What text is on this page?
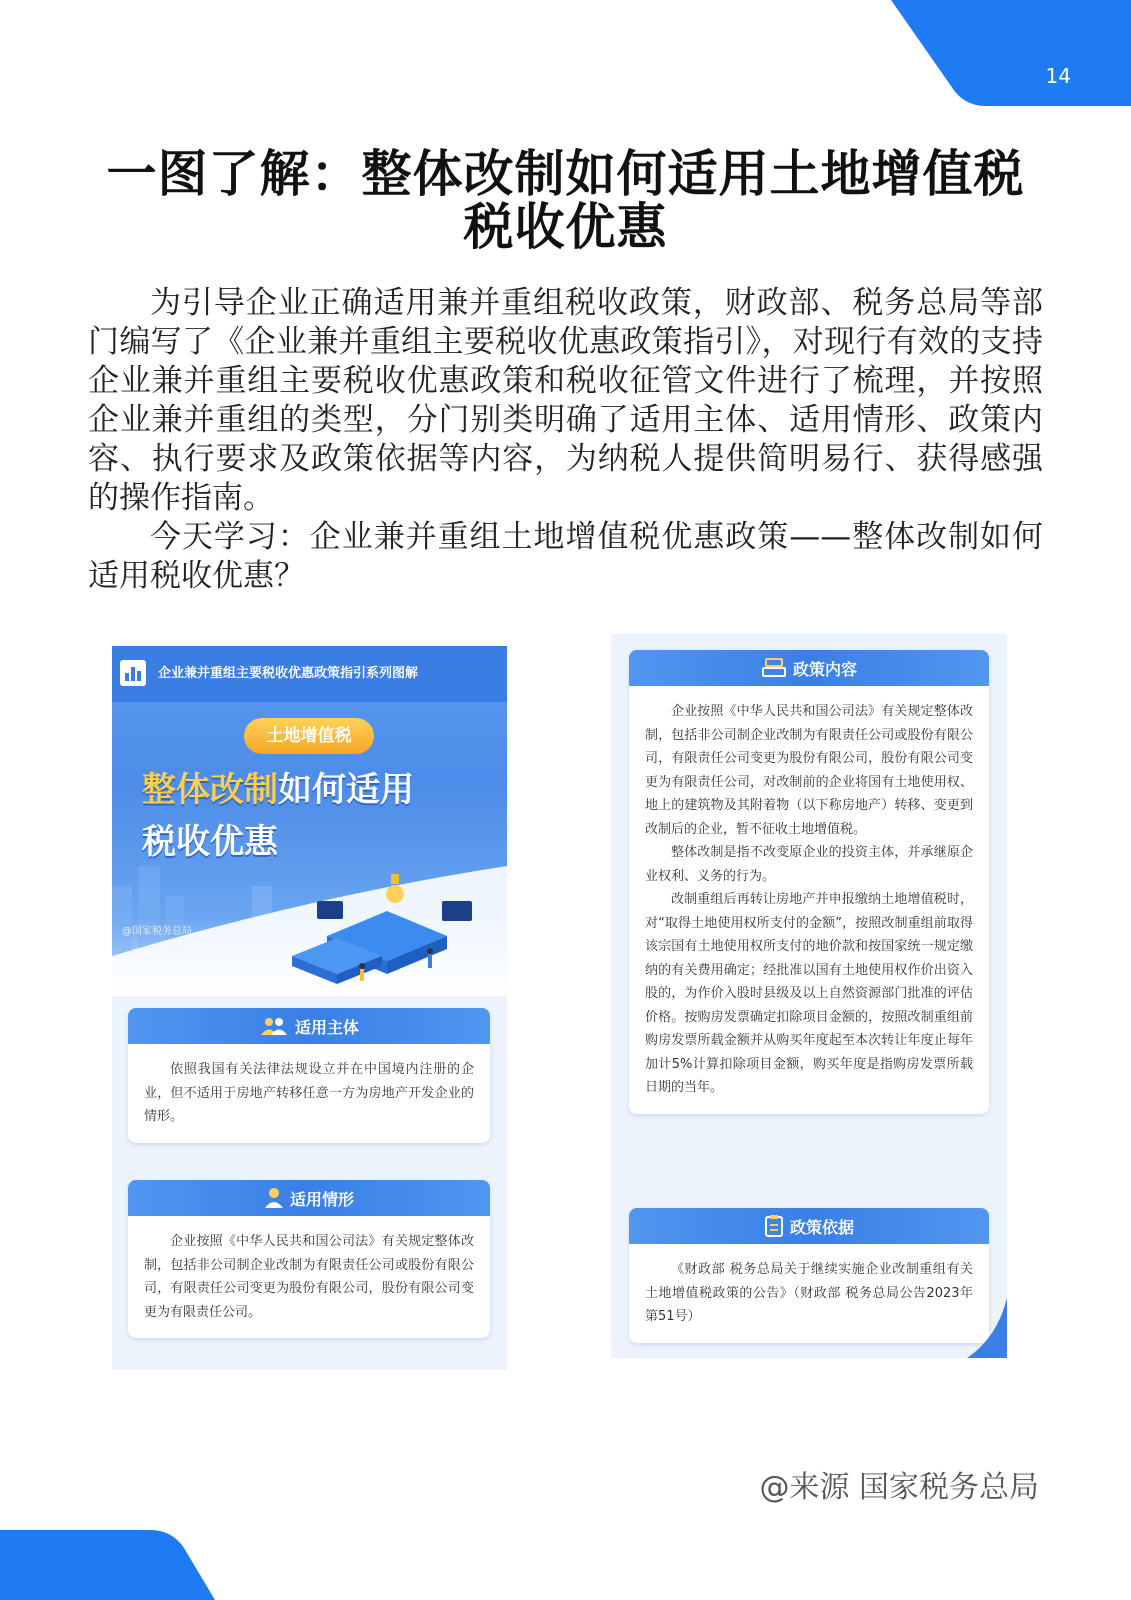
14
一图了解：整体改制如何适用土地增值税
税收优惠

为引导企业正确适用兼并重组税收政策，财政部、税务总局等部门编写了《企业兼并重组主要税收优惠政策指引》，对现行有效的支持企业兼并重组主要税收优惠政策和税收征管文件进行了梳理，并按照企业兼并重组的类型，分门别类明确了适用主体、适用情形、政策内容、执行要求及政策依据等内容，为纳税人提供简明易行、获得感强的操作指南。

今天学习：企业兼并重组土地增值税优惠政策——整体改制如何适用税收优惠？

企业兼并重组主要税收优惠政策指引系列图解
土地增值税
整体改制如何适用
税收优惠
@国家税务总局
适用主体

依照我国有关法律法规设立并在中国境内注册的企业，但不适用于房地产转移任意一方为房地产开发企业的情形。

适用情形

企业按照《中华人民共和国公司法》有关规定整体改制，包括非公司制企业改制为有限责任公司或股份有限公司，有限责任公司变更为股份有限公司，股份有限公司变更为有限责任公司。

政策内容

企业按照《中华人民共和国公司法》有关规定整体改制，包括非公司制企业改制为有限责任公司或股份有限公司，有限责任公司变更为股份有限公司，股份有限公司变更为有限责任公司，对改制前的企业将国有土地使用权、地上的建筑物及其附着物（以下称房地产）转移、变更到改制后的企业，暂不征收土地增值税。

整体改制是指不改变原企业的投资主体，并承继原企业权利、义务的行为。

改制重组后再转让房地产并申报缴纳土地增值税时，对“取得土地使用权所支付的金额”，按照改制重组前取得该宗国有土地使用权所支付的地价款和按国家统一规定缴纳的有关费用确定；经批准以国有土地使用权作价出资入股的，为作价入股时县级及以上自然资源部门批准的评估价格。按购房发票确定扣除项目金额的，按照改制重组前购房发票所载金额并从购买年度起至本次转让年度止每年加计5%计算扣除项目金额，购买年度是指购房发票所载日期的当年。

政策依据

《财政部 税务总局关于继续实施企业改制重组有关土地增值税政策的公告》（财政部 税务总局公告2023年第51号）

@来源 国家税务总局
